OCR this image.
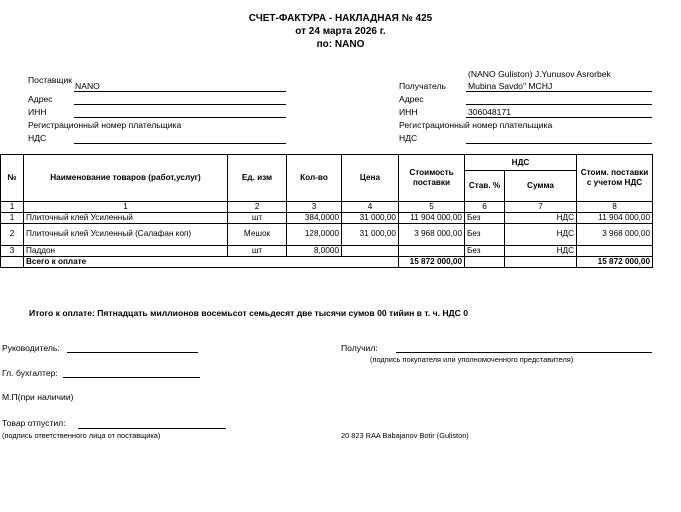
СЧЕТ-ФАКТУРА - НАКЛАДНАЯ № 425
от 24 марта 2026 г.
по: NANO
Поставщик
NANO
Адрес
ИНН
Регистрационный номер плательщика
НДС
(NANO Guliston) J.Yunusov Asrorbek
Получатель	Mubina Savdo" MCHJ
Адрес
ИНН	306048171
Регистрационный номер плательщика
НДС
№	Наименование товаров (работ,услуг)	Ед. изм	Кол-во	Цена	Стоимость поставки	НДС		Стоим. поставки с учетом НДС
						Став. %	Сумма	
1	1	2	3	4	5	6	7	8
1	Плиточный клей Усиленный	шт	384,0000	31 000,00	11 904 000,00	Без	НДС	11 904 000,00
2	Плиточный клей Усиленный (Салафан коп)	Мешок	128,0000	31 000,00	3 968 000,00	Без	НДС	3 968 000,00
3	Паддон	шт	8,0000			Без	НДС	
	Всего к оплате				15 872 000,00			15 872 000,00
Итого к оплате: Пятнадцать миллионов восемьсот семьдесят две тысячи сумов 00 тийин в т. ч. НДС 0
Руководитель:
Гл. бухгалтер:
М.П(при наличии)
Товар отпустил:
(подпись ответственного лица от поставщика)
Получил:
(подпись покупателя или уполномоченного представителя)
20 823 RAA Babajanov Botir (Guliston)
